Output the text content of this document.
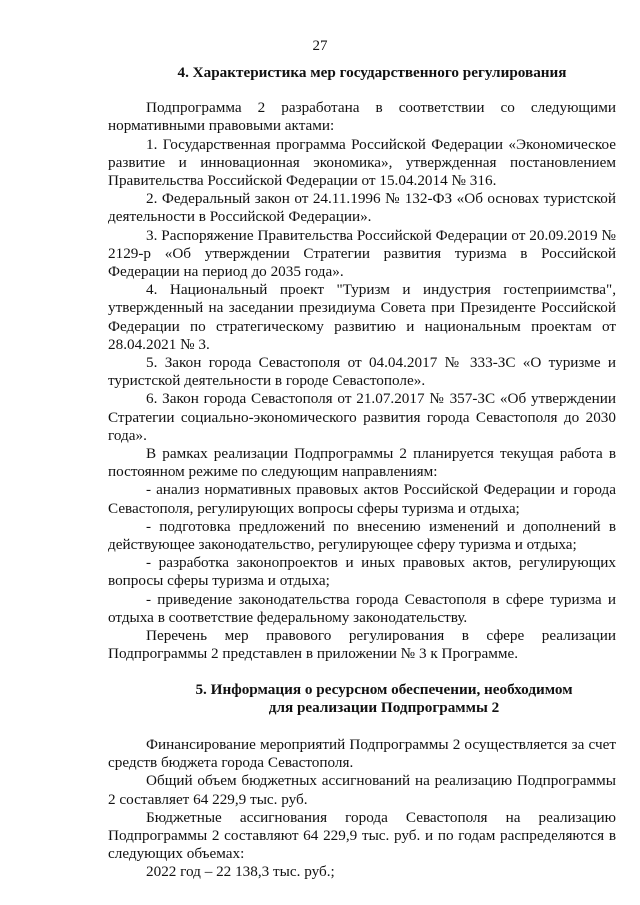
27

4. Характеристика мер государственного регулирования

Подпрограмма 2 разработана в соответствии со следующими нормативными правовыми актами:

1. Государственная программа Российской Федерации «Экономическое развитие и инновационная экономика», утвержденная постановлением Правительства Российской Федерации от 15.04.2014 № 316.

2. Федеральный закон от 24.11.1996 № 132-ФЗ «Об основах туристской деятельности в Российской Федерации».

3. Распоряжение Правительства Российской Федерации от 20.09.2019 № 2129-р «Об утверждении Стратегии развития туризма в Российской Федерации на период до 2035 года».

4. Национальный проект "Туризм и индустрия гостеприимства", утвержденный на заседании президиума Совета при Президенте Российской Федерации по стратегическому развитию и национальным проектам от 28.04.2021 № 3.

5. Закон города Севастополя от 04.04.2017 № 333-ЗС «О туризме и туристской деятельности в городе Севастополе».

6. Закон города Севастополя от 21.07.2017 № 357-ЗС «Об утверждении Стратегии социально-экономического развития города Севастополя до 2030 года».

В рамках реализации Подпрограммы 2 планируется текущая работа в постоянном режиме по следующим направлениям:

- анализ нормативных правовых актов Российской Федерации и города Севастополя, регулирующих вопросы сферы туризма и отдыха;

- подготовка предложений по внесению изменений и дополнений в действующее законодательство, регулирующее сферу туризма и отдыха;

- разработка законопроектов и иных правовых актов, регулирующих вопросы сферы туризма и отдыха;

- приведение законодательства города Севастополя в сфере туризма и отдыха в соответствие федеральному законодательству.

Перечень мер правового регулирования в сфере реализации Подпрограммы 2 представлен в приложении № 3 к Программе.

5. Информация о ресурсном обеспечении, необходимом
для реализации Подпрограммы 2

Финансирование мероприятий Подпрограммы 2 осуществляется за счет средств бюджета города Севастополя.

Общий объем бюджетных ассигнований на реализацию Подпрограммы 2 составляет 64 229,9 тыс. руб.

Бюджетные ассигнования города Севастополя на реализацию Подпрограммы 2 составляют 64 229,9 тыс. руб. и по годам распределяются в следующих объемах:

2022 год – 22 138,3 тыс. руб.;
